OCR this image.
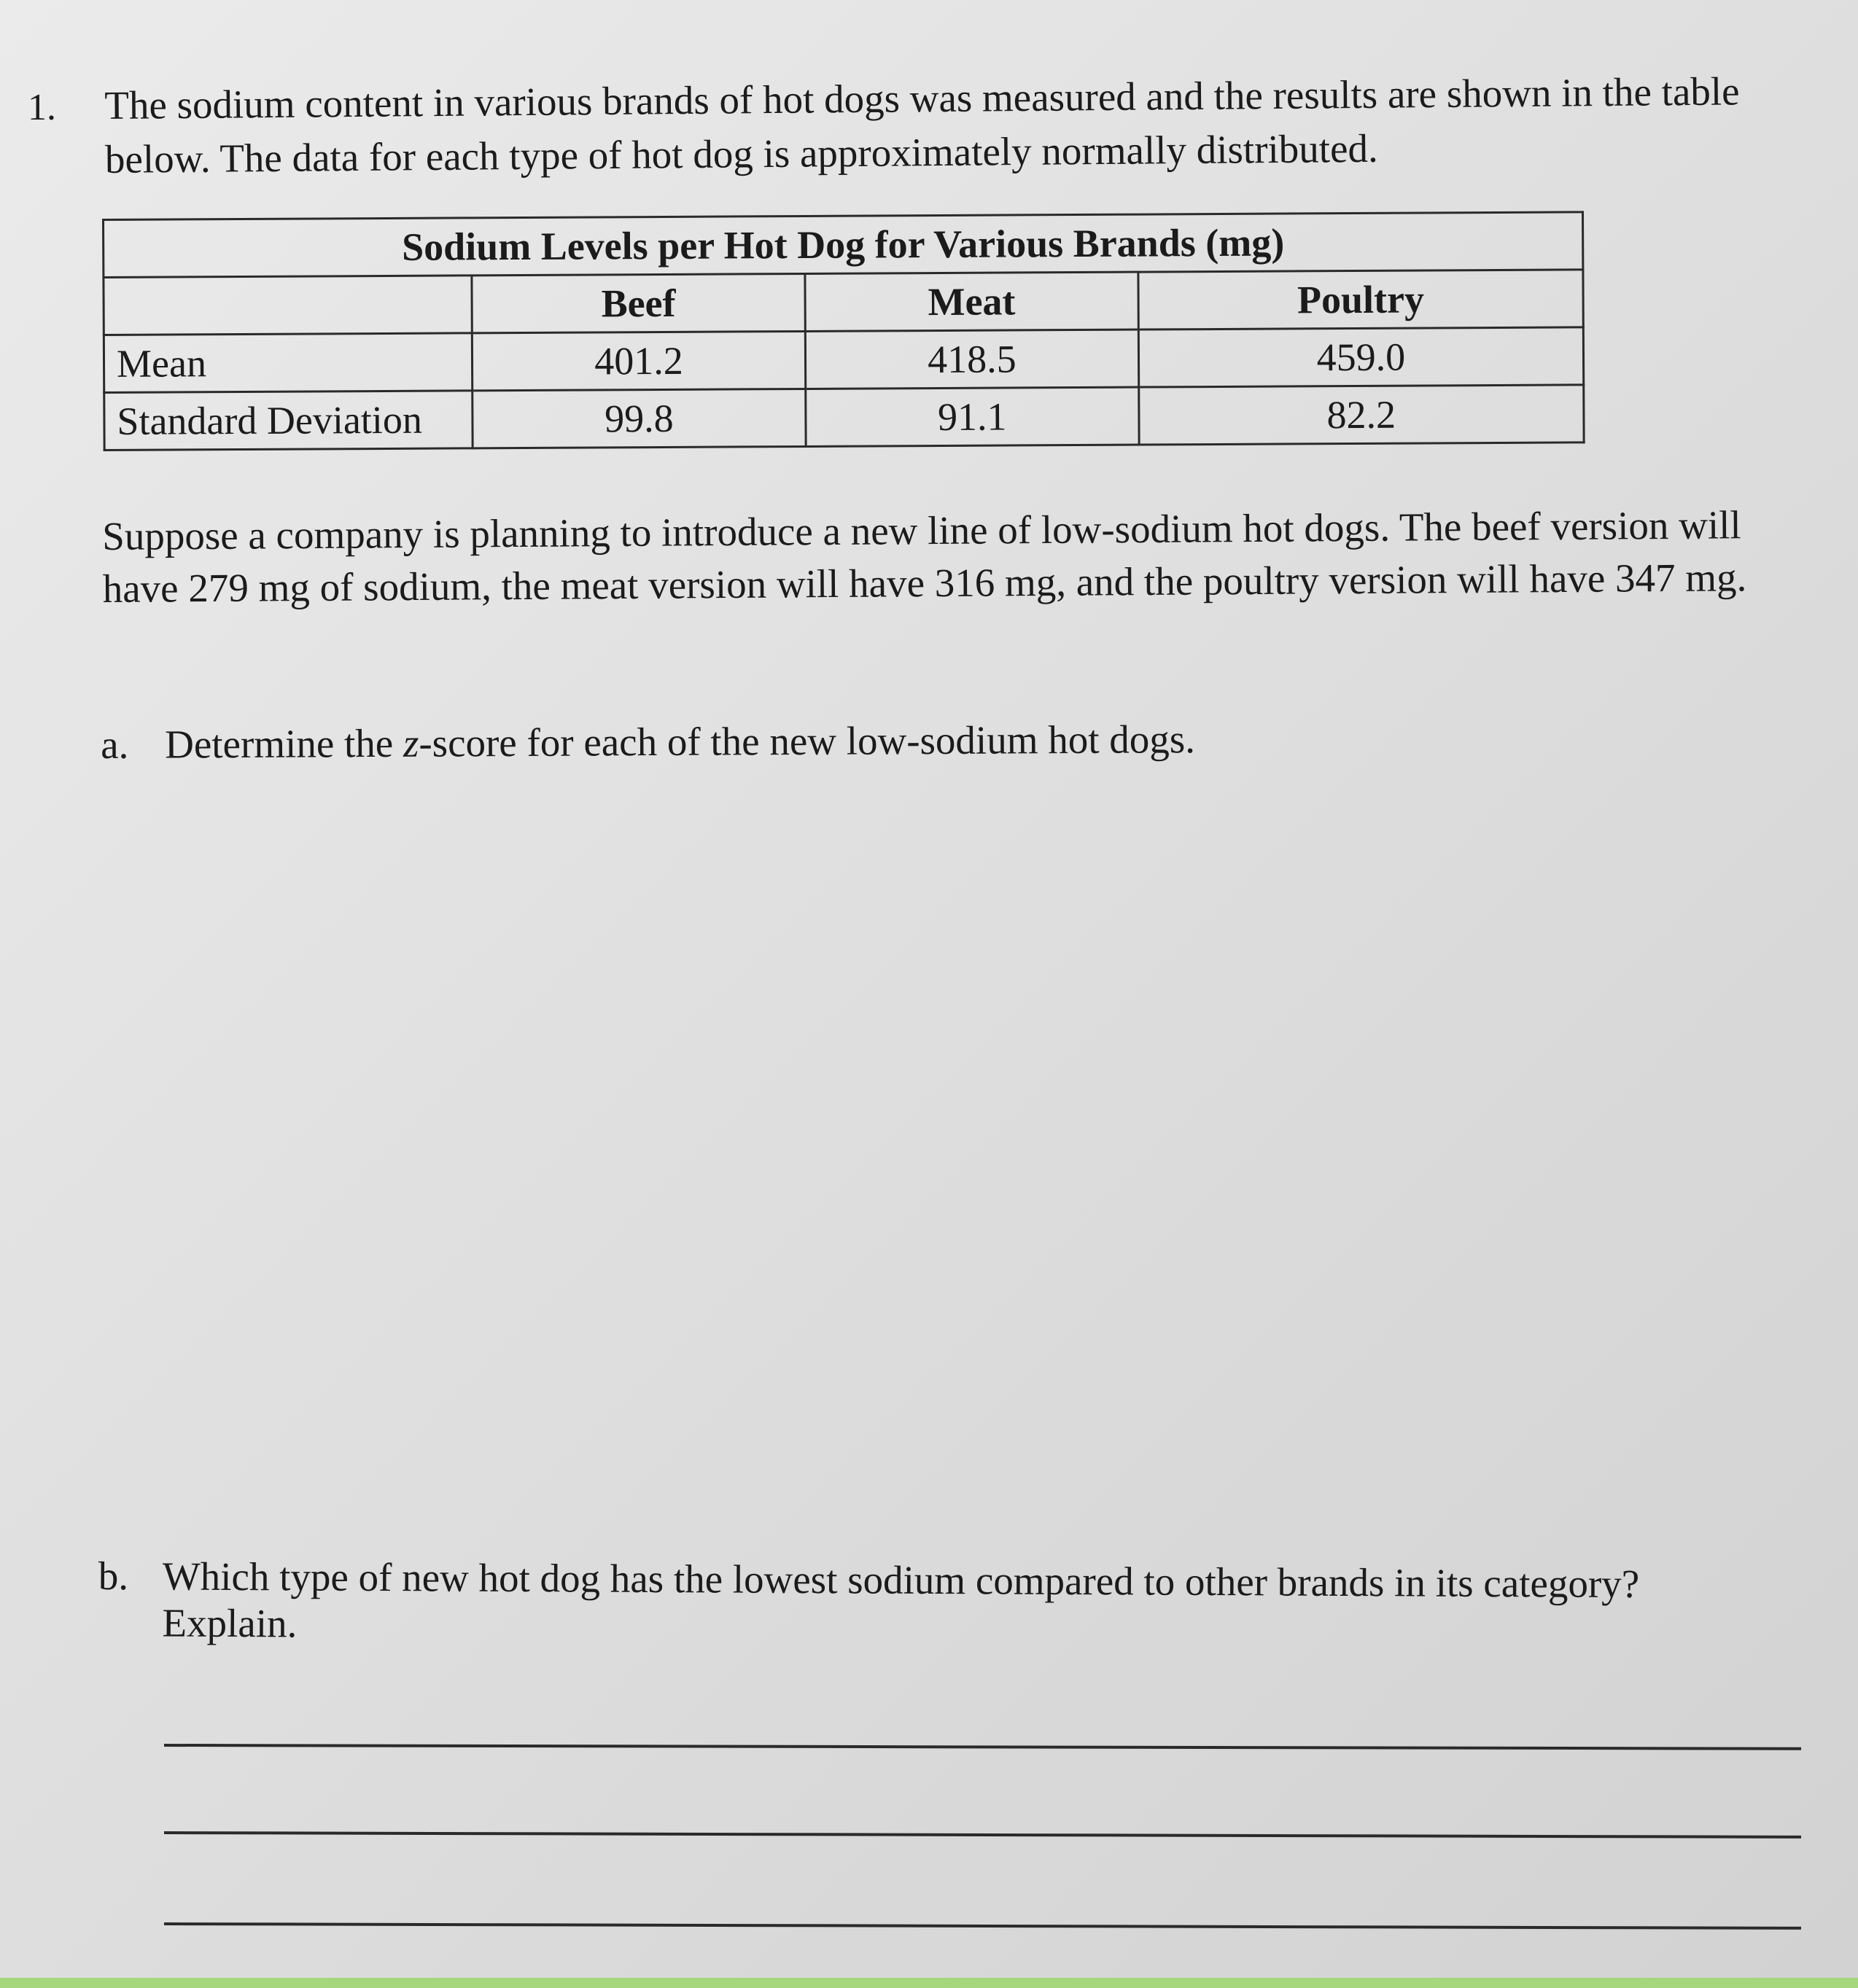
1. The sodium content in various brands of hot dogs was measured and the results are shown in the table below. The data for each type of hot dog is approximately normally distributed.
Sodium Levels per Hot Dog for Various Brands (mg)			
	Beef	Meat	Poultry
Mean	401.2	418.5	459.0
Standard Deviation	99.8	91.1	82.2
Suppose a company is planning to introduce a new line of low-sodium hot dogs. The beef version will have 279 mg of sodium, the meat version will have 316 mg, and the poultry version will have 347 mg.
a. Determine the z-score for each of the new low-sodium hot dogs.
b. Which type of new hot dog has the lowest sodium compared to other brands in its category?
Explain.
